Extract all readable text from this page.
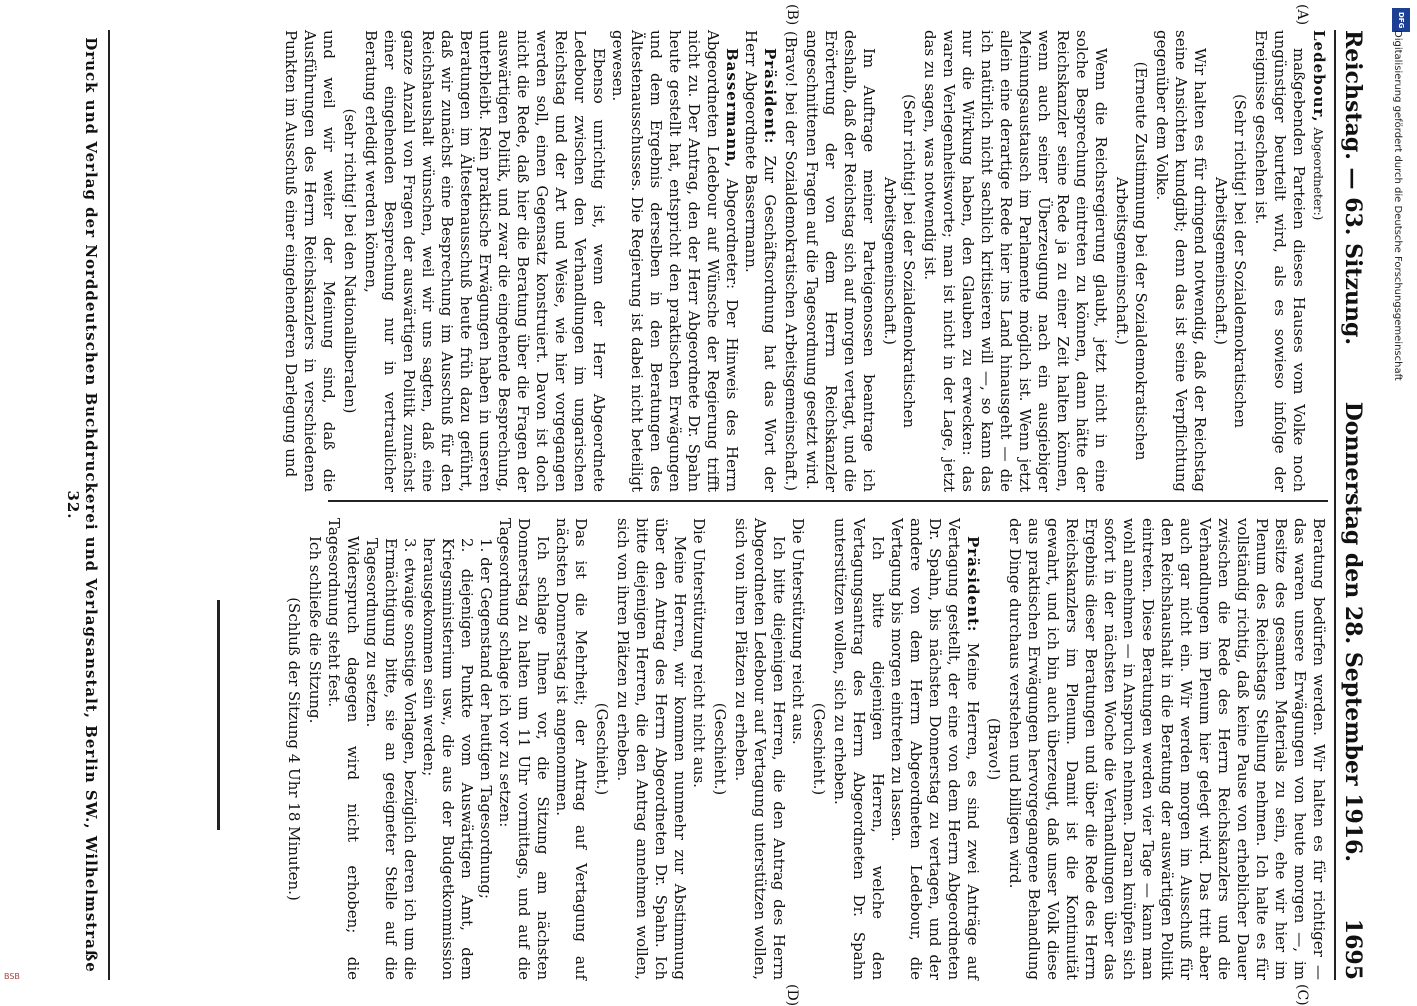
Reichstag. — 63. Sitzung.
Donnerstag den 28. September 1916.
1695
(A)
(B)
(C)
(D)

Ledebour, Abgeordneter:)

maßgebenden Parteien dieses Hauses vom Volke noch ungünstiger beurteilt wird, als es sowieso infolge der Ereignisse geschehen ist.

(Sehr richtig! bei der Sozialdemokratischen Arbeitsgemeinschaft.)

Wir halten es für dringend notwendig, daß der Reichstag seine Ansichten kundgibt; denn das ist seine Verpflichtung gegenüber dem Volke.

(Erneute Zustimmung bei der Sozialdemokratischen Arbeitsgemeinschaft.)

Wenn die Reichsregierung glaubt, jetzt nicht in eine solche Besprechung eintreten zu können, dann hätte der Reichskanzler seine Rede ja zu einer Zeit halten können, wenn auch seiner Überzeugung nach ein ausgiebiger Meinungsaustausch im Parlamente möglich ist. Wenn jetzt allein eine derartige Rede hier ins Land hinausgeht — die ich natürlich nicht sachlich kritisieren will —, so kann das nur die Wirkung haben, den Glauben zu erwecken: das waren Verlegenheitsworte; man ist nicht in der Lage, jetzt das zu sagen, was notwendig ist.

(Sehr richtig! bei der Sozialdemokratischen Arbeitsgemeinschaft.)

Im Auftrage meiner Parteigenossen beantrage ich deshalb, daß der Reichstag sich auf morgen vertagt, und die Erörterung der von dem Herrn Reichskanzler angeschnittenen Fragen auf die Tagesordnung gesetzt wird.

(Bravo! bei der Sozialdemokratischen Arbeitsgemeinschaft.)

Präsident: Zur Geschäftsordnung hat das Wort der Herr Abgeordnete Bassermann.

Bassermann, Abgeordneter: Der Hinweis des Herrn Abgeordneten Ledebour auf Wünsche der Regierung trifft nicht zu. Der Antrag, den der Herr Abgeordnete Dr. Spahn heute gestellt hat, entspricht den praktischen Erwägungen und dem Ergebnis derselben in den Beratungen des Ältestenausschusses. Die Regierung ist dabei nicht beteiligt gewesen.

Ebenso unrichtig ist, wenn der Herr Abgeordnete Ledebour zwischen den Verhandlungen im ungarischen Reichstag und der Art und Weise, wie hier vorgegangen werden soll, einen Gegensatz konstruiert. Davon ist doch nicht die Rede, daß hier die Beratung über die Fragen der auswärtigen Politik, und zwar die eingehende Besprechung, unterbleibt. Rein praktische Erwägungen haben in unseren Beratungen im Ältestenausschuß heute früh dazu geführt, daß wir zunächst eine Besprechung im Ausschuß für den Reichshaushalt wünschen, weil wir uns sagten, daß eine ganze Anzahl von Fragen der auswärtigen Politik zunächst einer eingehenden Besprechung nur in vertraulicher Beratung erledigt werden können,

(sehr richtig! bei den Nationalliberalen)

und weil wir weiter der Meinung sind, daß die Ausführungen des Herrn Reichskanzlers in verschiedenen Punkten im Ausschuß einer eingehenderen Darlegung und

Beratung bedürfen werden. Wir halten es für richtiger — das waren unsere Erwägungen von heute morgen —, im Besitze des gesamten Materials zu sein, ehe wir hier im Plenum des Reichstags Stellung nehmen. Ich halte es für vollständig richtig, daß keine Pause von erheblicher Dauer zwischen die Rede des Herrn Reichskanzlers und die Verhandlungen im Plenum hier gelegt wird. Das tritt aber auch gar nicht ein. Wir werden morgen im Ausschuß für den Reichshaushalt in die Beratung der auswärtigen Politik eintreten. Diese Beratungen werden vier Tage — kann man wohl annehmen — in Anspruch nehmen. Daran knüpfen sich sofort in der nächsten Woche die Verhandlungen über das Ergebnis dieser Beratungen und über die Rede des Herrn Reichskanzlers im Plenum. Damit ist die Kontinuität gewahrt, und ich bin auch überzeugt, daß unser Volk diese aus praktischen Erwägungen hervorgegangene Behandlung der Dinge durchaus verstehen und billigen wird.

(Bravo!)

Präsident: Meine Herren, es sind zwei Anträge auf Vertagung gestellt, der eine von dem Herrn Abgeordneten Dr. Spahn, bis nächsten Donnerstag zu vertagen, und der andere von dem Herrn Abgeordneten Ledebour, die Vertagung bis morgen eintreten zu lassen.

Ich bitte diejenigen Herren, welche den Vertagungsantrag des Herrn Abgeordneten Dr. Spahn unterstützen wollen, sich zu erheben.

(Geschieht.)

Die Unterstützung reicht aus.

Ich bitte diejenigen Herren, die den Antrag des Herrn Abgeordneten Ledebour auf Vertagung unterstützen wollen, sich von ihren Plätzen zu erheben.

(Geschieht.)

Die Unterstützung reicht nicht aus.

Meine Herren, wir kommen nunmehr zur Abstimmung über den Antrag des Herrn Abgeordneten Dr. Spahn. Ich bitte diejenigen Herren, die den Antrag annehmen wollen, sich von ihren Plätzen zu erheben.

(Geschieht.)

Das ist die Mehrheit; der Antrag auf Vertagung auf nächsten Donnerstag ist angenommen.

Ich schlage Ihnen vor, die Sitzung am nächsten Donnerstag zu halten um 11 Uhr vormittags, und auf die Tagesordnung schlage ich vor zu setzen:

1. der Gegenstand der heutigen Tagesordnung;

2. diejenigen Punkte vom Auswärtigen Amt, dem Kriegsministerium usw., die aus der Budgetkommission herausgekommen sein werden;

3. etwaige sonstige Vorlagen, bezüglich deren ich um die Ermächtigung bitte, sie an geeigneter Stelle auf die Tagesordnung zu setzen.

Widerspruch dagegen wird nicht erhoben; die Tagesordnung steht fest.

Ich schließe die Sitzung.

(Schluß der Sitzung 4 Uhr 18 Minuten.)

Druck und Verlag der Norddeutschen Buchdruckerei und Verlagsanstalt, Berlin SW., Wilhelmstraße 32.
DFG
Digitalisierung gefördert durch die Deutsche Forschungsgemeinschaft
BSB
